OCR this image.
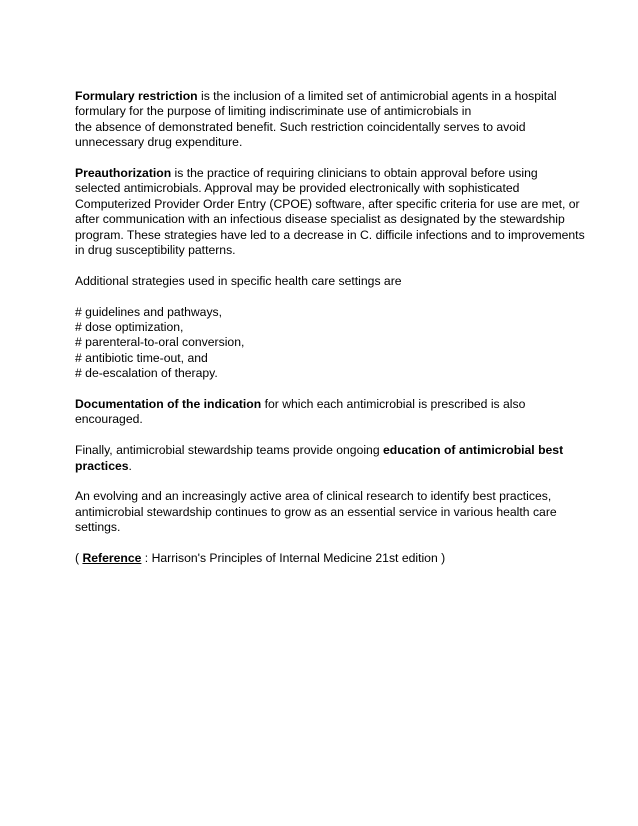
Formulary restriction is the inclusion of a limited set of antimicrobial agents in a hospital
formulary for the purpose of limiting indiscriminate use of antimicrobials in
the absence of demonstrated benefit. Such restriction coincidentally serves to avoid
unnecessary drug expenditure.
Preauthorization is the practice of requiring clinicians to obtain approval before using
selected antimicrobials. Approval may be provided electronically with sophisticated
Computerized Provider Order Entry (CPOE) software, after specific criteria for use are met, or
after communication with an infectious disease specialist as designated by the stewardship
program. These strategies have led to a decrease in C. difficile infections and to improvements
in drug susceptibility patterns.
Additional strategies used in specific health care settings are
# guidelines and pathways,
# dose optimization,
# parenteral-to-oral conversion,
# antibiotic time-out, and
# de-escalation of therapy.
Documentation of the indication for which each antimicrobial is prescribed is also
encouraged.
Finally, antimicrobial stewardship teams provide ongoing education of antimicrobial best
practices.
An evolving and an increasingly active area of clinical research to identify best practices,
antimicrobial stewardship continues to grow as an essential service in various health care
settings.
( Reference : Harrison's Principles of Internal Medicine 21st edition )
